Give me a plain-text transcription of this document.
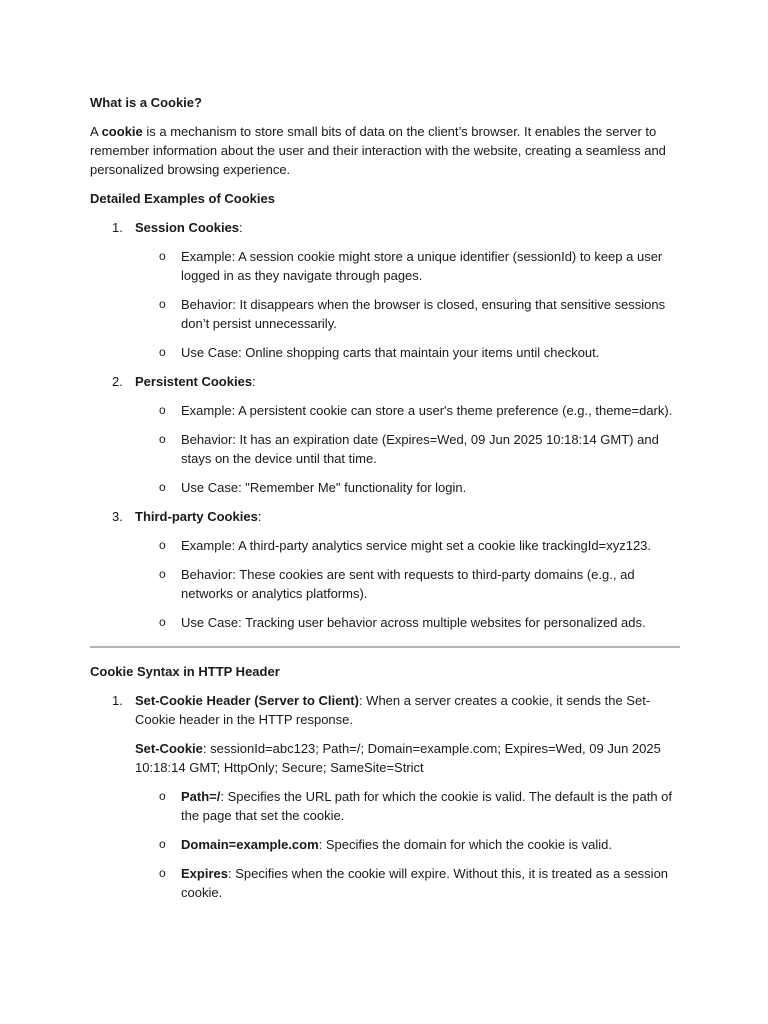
What is a Cookie?

A cookie is a mechanism to store small bits of data on the client’s browser. It enables the server to remember information about the user and their interaction with the website, creating a seamless and personalized browsing experience.

Detailed Examples of Cookies
1. Session Cookies:
o Example: A session cookie might store a unique identifier (sessionId) to keep a user logged in as they navigate through pages.
o Behavior: It disappears when the browser is closed, ensuring that sensitive sessions don’t persist unnecessarily.
o Use Case: Online shopping carts that maintain your items until checkout.
2. Persistent Cookies:
o Example: A persistent cookie can store a user's theme preference (e.g., theme=dark).
o Behavior: It has an expiration date (Expires=Wed, 09 Jun 2025 10:18:14 GMT) and stays on the device until that time.
o Use Case: "Remember Me" functionality for login.
3. Third-party Cookies:
o Example: A third-party analytics service might set a cookie like trackingId=xyz123.
o Behavior: These cookies are sent with requests to third-party domains (e.g., ad networks or analytics platforms).
o Use Case: Tracking user behavior across multiple websites for personalized ads.
Cookie Syntax in HTTP Header
1. Set-Cookie Header (Server to Client): When a server creates a cookie, it sends the Set-Cookie header in the HTTP response.

Set-Cookie: sessionId=abc123; Path=/; Domain=example.com; Expires=Wed, 09 Jun 2025 10:18:14 GMT; HttpOnly; Secure; SameSite=Strict

o Path=/: Specifies the URL path for which the cookie is valid. The default is the path of the page that set the cookie.
o Domain=example.com: Specifies the domain for which the cookie is valid.
o Expires: Specifies when the cookie will expire. Without this, it is treated as a session cookie.
